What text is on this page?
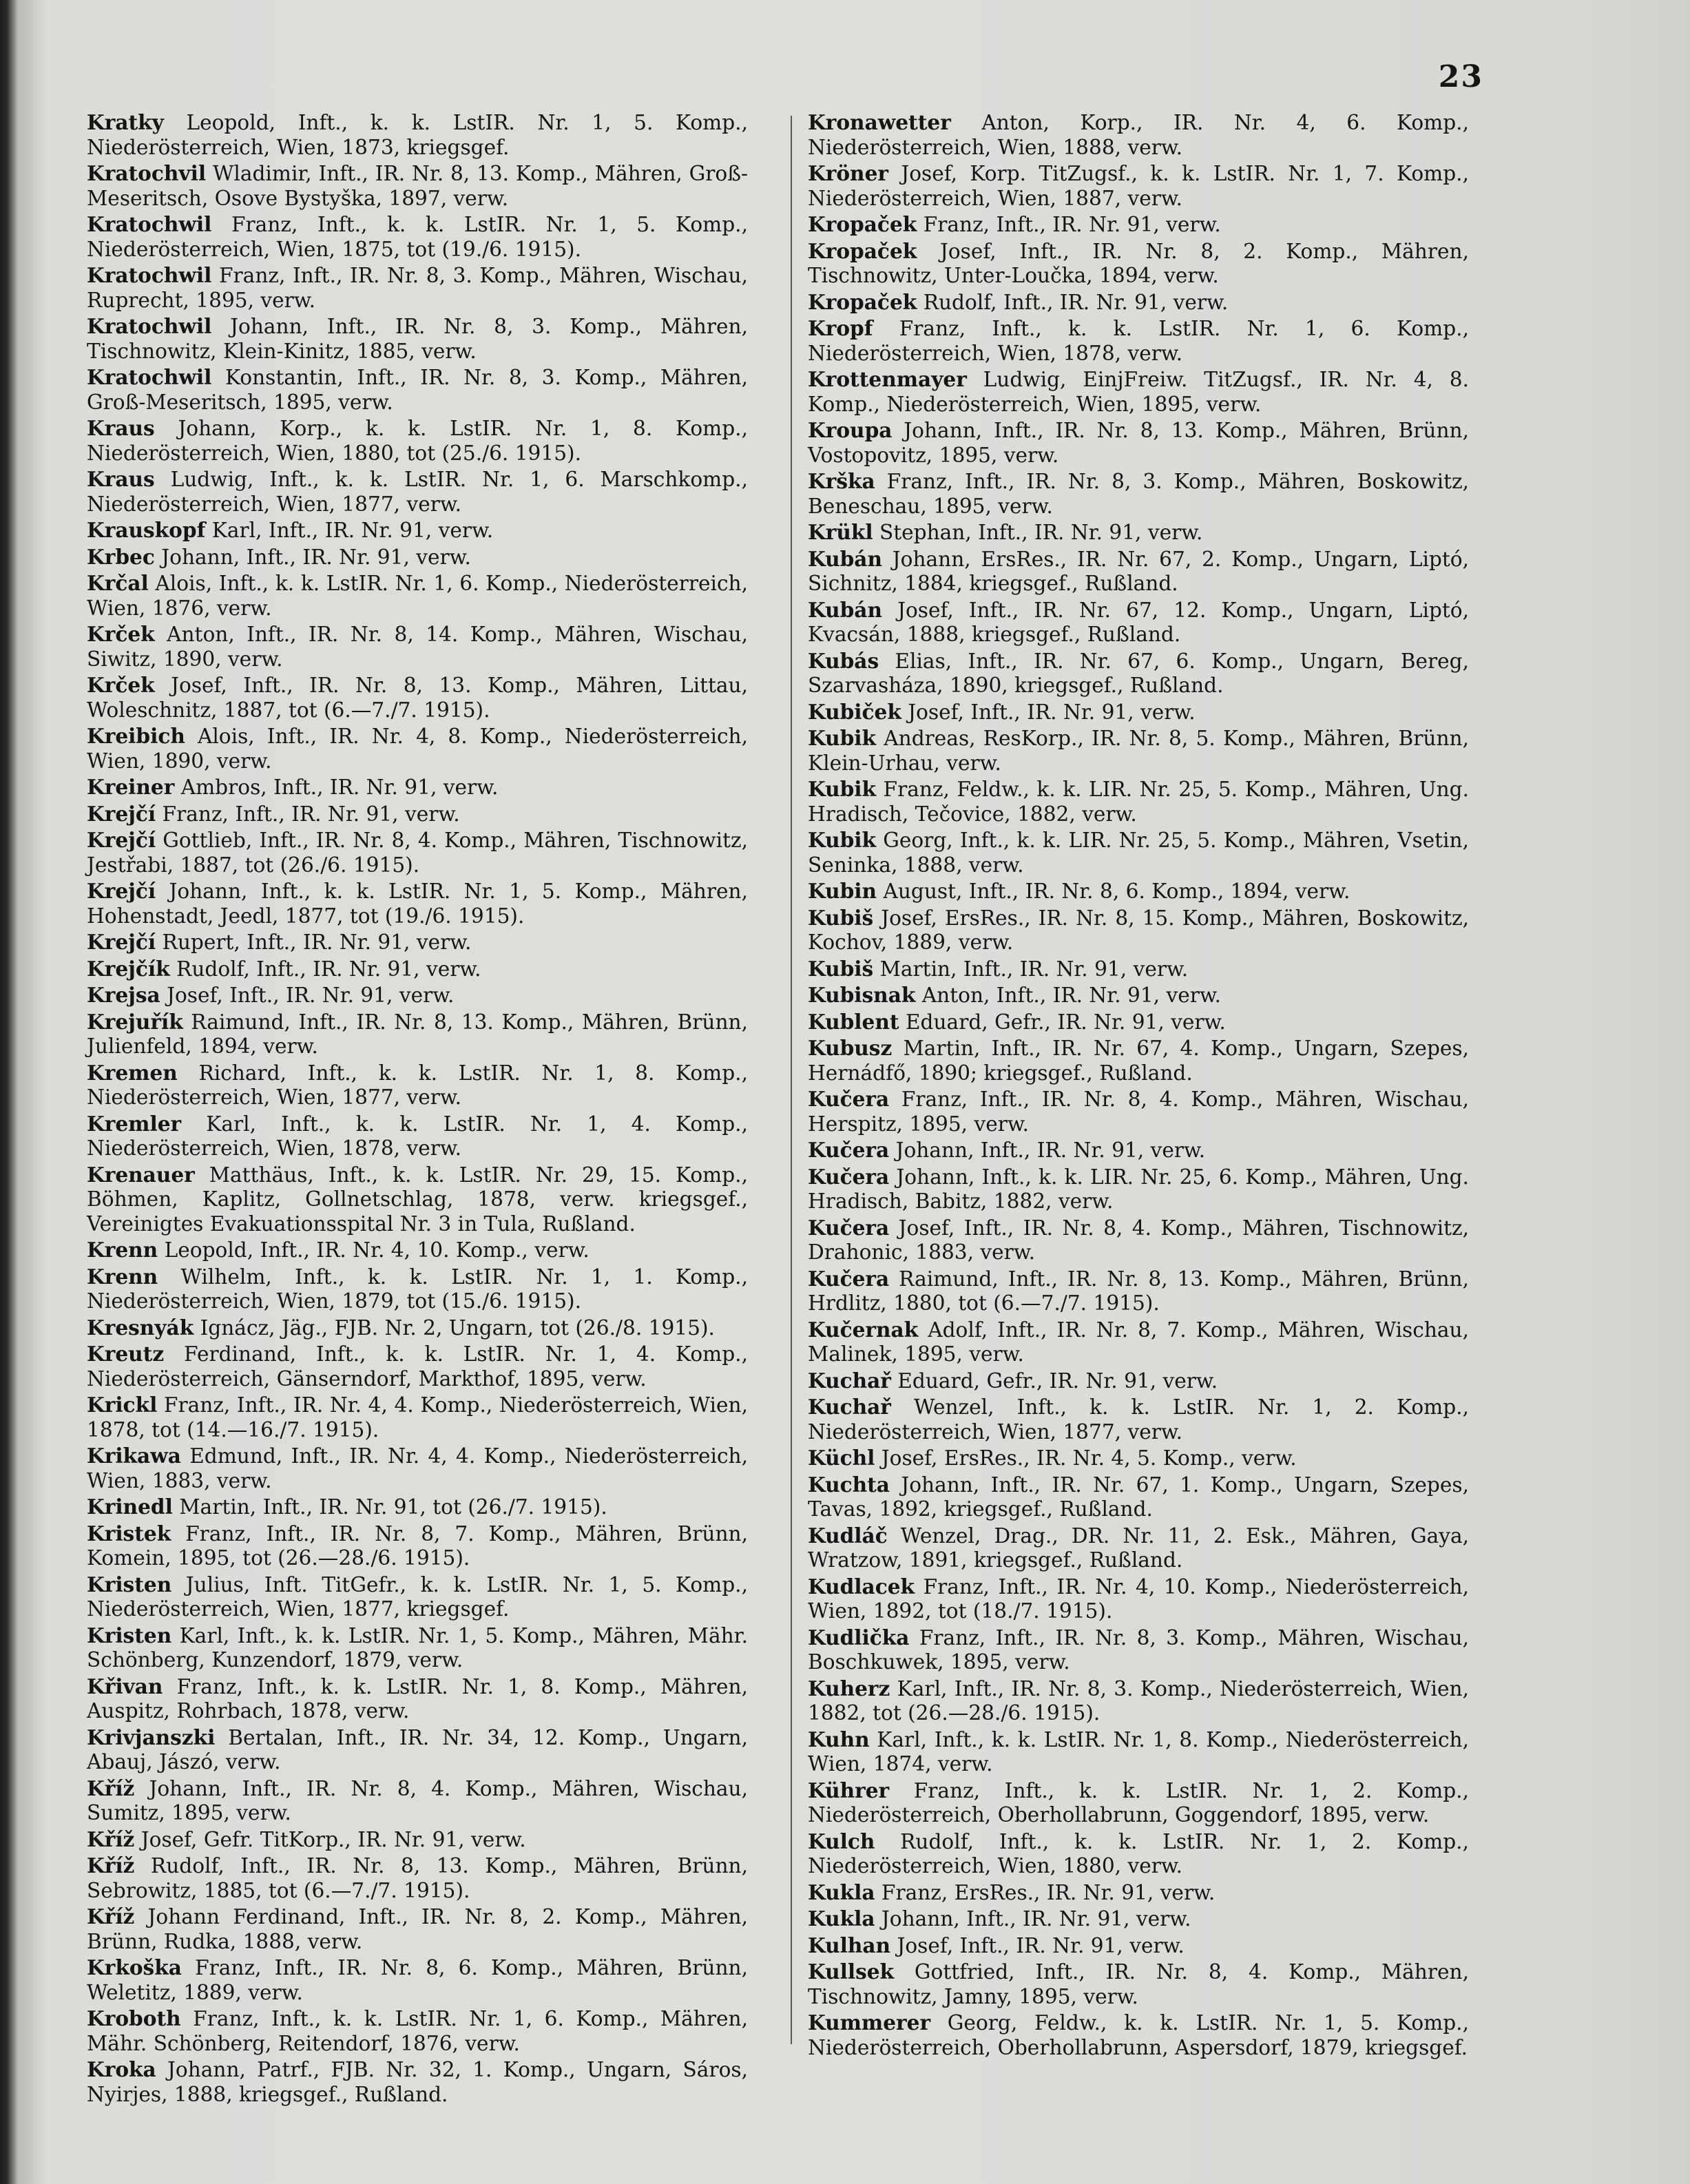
23
Kratky Leopold, Inft., k. k. LstIR. Nr. 1, 5. Komp., Niederösterreich, Wien, 1873, kriegsgef.
Kratochvil Wladimir, Inft., IR. Nr. 8, 13. Komp., Mähren, Groß-Meseritsch, Osove Bystyška, 1897, verw.
Kratochwil Franz, Inft., k. k. LstIR. Nr. 1, 5. Komp., Niederösterreich, Wien, 1875, tot (19./6. 1915).
Kratochwil Franz, Inft., IR. Nr. 8, 3. Komp., Mähren, Wischau, Ruprecht, 1895, verw.
Kratochwil Johann, Inft., IR. Nr. 8, 3. Komp., Mähren, Tischnowitz, Klein-Kinitz, 1885, verw.
Kratochwil Konstantin, Inft., IR. Nr. 8, 3. Komp., Mähren, Groß-Meseritsch, 1895, verw.
Kraus Johann, Korp., k. k. LstIR. Nr. 1, 8. Komp., Niederösterreich, Wien, 1880, tot (25./6. 1915).
Kraus Ludwig, Inft., k. k. LstIR. Nr. 1, 6. Marschkomp., Niederösterreich, Wien, 1877, verw.
Krauskopf Karl, Inft., IR. Nr. 91, verw.
Krbec Johann, Inft., IR. Nr. 91, verw.
Krčal Alois, Inft., k. k. LstIR. Nr. 1, 6. Komp., Niederösterreich, Wien, 1876, verw.
Krček Anton, Inft., IR. Nr. 8, 14. Komp., Mähren, Wischau, Siwitz, 1890, verw.
Krček Josef, Inft., IR. Nr. 8, 13. Komp., Mähren, Littau, Woleschnitz, 1887, tot (6.—7./7. 1915).
Kreibich Alois, Inft., IR. Nr. 4, 8. Komp., Niederösterreich, Wien, 1890, verw.
Kreiner Ambros, Inft., IR. Nr. 91, verw.
Krejčí Franz, Inft., IR. Nr. 91, verw.
Krejčí Gottlieb, Inft., IR. Nr. 8, 4. Komp., Mähren, Tischnowitz, Jestřabi, 1887, tot (26./6. 1915).
Krejčí Johann, Inft., k. k. LstIR. Nr. 1, 5. Komp., Mähren, Hohenstadt, Jeedl, 1877, tot (19./6. 1915).
Krejčí Rupert, Inft., IR. Nr. 91, verw.
Krejčík Rudolf, Inft., IR. Nr. 91, verw.
Krejsa Josef, Inft., IR. Nr. 91, verw.
Krejuřík Raimund, Inft., IR. Nr. 8, 13. Komp., Mähren, Brünn, Julienfeld, 1894, verw.
Kremen Richard, Inft., k. k. LstIR. Nr. 1, 8. Komp., Niederösterreich, Wien, 1877, verw.
Kremler Karl, Inft., k. k. LstIR. Nr. 1, 4. Komp., Niederösterreich, Wien, 1878, verw.
Krenauer Matthäus, Inft., k. k. LstIR. Nr. 29, 15. Komp., Böhmen, Kaplitz, Gollnetschlag, 1878, verw. kriegsgef., Vereinigtes Evakuationsspital Nr. 3 in Tula, Rußland.
Krenn Leopold, Inft., IR. Nr. 4, 10. Komp., verw.
Krenn Wilhelm, Inft., k. k. LstIR. Nr. 1, 1. Komp., Niederösterreich, Wien, 1879, tot (15./6. 1915).
Kresnyák Ignácz, Jäg., FJB. Nr. 2, Ungarn, tot (26./8. 1915).
Kreutz Ferdinand, Inft., k. k. LstIR. Nr. 1, 4. Komp., Niederösterreich, Gänserndorf, Markthof, 1895, verw.
Krickl Franz, Inft., IR. Nr. 4, 4. Komp., Niederösterreich, Wien, 1878, tot (14.—16./7. 1915).
Krikawa Edmund, Inft., IR. Nr. 4, 4. Komp., Niederösterreich, Wien, 1883, verw.
Krinedl Martin, Inft., IR. Nr. 91, tot (26./7. 1915).
Kristek Franz, Inft., IR. Nr. 8, 7. Komp., Mähren, Brünn, Komein, 1895, tot (26.—28./6. 1915).
Kristen Julius, Inft. TitGefr., k. k. LstIR. Nr. 1, 5. Komp., Niederösterreich, Wien, 1877, kriegsgef.
Kristen Karl, Inft., k. k. LstIR. Nr. 1, 5. Komp., Mähren, Mähr. Schönberg, Kunzendorf, 1879, verw.
Křivan Franz, Inft., k. k. LstIR. Nr. 1, 8. Komp., Mähren, Auspitz, Rohrbach, 1878, verw.
Krivjanszki Bertalan, Inft., IR. Nr. 34, 12. Komp., Ungarn, Abauj, Jászó, verw.
Kříž Johann, Inft., IR. Nr. 8, 4. Komp., Mähren, Wischau, Sumitz, 1895, verw.
Kříž Josef, Gefr. TitKorp., IR. Nr. 91, verw.
Kříž Rudolf, Inft., IR. Nr. 8, 13. Komp., Mähren, Brünn, Sebrowitz, 1885, tot (6.—7./7. 1915).
Kříž Johann Ferdinand, Inft., IR. Nr. 8, 2. Komp., Mähren, Brünn, Rudka, 1888, verw.
Krkoška Franz, Inft., IR. Nr. 8, 6. Komp., Mähren, Brünn, Weletitz, 1889, verw.
Kroboth Franz, Inft., k. k. LstIR. Nr. 1, 6. Komp., Mähren, Mähr. Schönberg, Reitendorf, 1876, verw.
Kroka Johann, Patrf., FJB. Nr. 32, 1. Komp., Ungarn, Sáros, Nyirjes, 1888, kriegsgef., Rußland.
Kronawetter Anton, Korp., IR. Nr. 4, 6. Komp., Niederösterreich, Wien, 1888, verw.
Kröner Josef, Korp. TitZugsf., k. k. LstIR. Nr. 1, 7. Komp., Niederösterreich, Wien, 1887, verw.
Kropaček Franz, Inft., IR. Nr. 91, verw.
Kropaček Josef, Inft., IR. Nr. 8, 2. Komp., Mähren, Tischnowitz, Unter-Loučka, 1894, verw.
Kropaček Rudolf, Inft., IR. Nr. 91, verw.
Kropf Franz, Inft., k. k. LstIR. Nr. 1, 6. Komp., Niederösterreich, Wien, 1878, verw.
Krottenmayer Ludwig, EinjFreiw. TitZugsf., IR. Nr. 4, 8. Komp., Niederösterreich, Wien, 1895, verw.
Kroupa Johann, Inft., IR. Nr. 8, 13. Komp., Mähren, Brünn, Vostopovitz, 1895, verw.
Krška Franz, Inft., IR. Nr. 8, 3. Komp., Mähren, Boskowitz, Beneschau, 1895, verw.
Krükl Stephan, Inft., IR. Nr. 91, verw.
Kubán Johann, ErsRes., IR. Nr. 67, 2. Komp., Ungarn, Liptó, Sichnitz, 1884, kriegsgef., Rußland.
Kubán Josef, Inft., IR. Nr. 67, 12. Komp., Ungarn, Liptó, Kvacsán, 1888, kriegsgef., Rußland.
Kubás Elias, Inft., IR. Nr. 67, 6. Komp., Ungarn, Bereg, Szarvasháza, 1890, kriegsgef., Rußland.
Kubiček Josef, Inft., IR. Nr. 91, verw.
Kubik Andreas, ResKorp., IR. Nr. 8, 5. Komp., Mähren, Brünn, Klein-Urhau, verw.
Kubik Franz, Feldw., k. k. LIR. Nr. 25, 5. Komp., Mähren, Ung. Hradisch, Tečovice, 1882, verw.
Kubik Georg, Inft., k. k. LIR. Nr. 25, 5. Komp., Mähren, Vsetin, Seninka, 1888, verw.
Kubin August, Inft., IR. Nr. 8, 6. Komp., 1894, verw.
Kubiš Josef, ErsRes., IR. Nr. 8, 15. Komp., Mähren, Boskowitz, Kochov, 1889, verw.
Kubiš Martin, Inft., IR. Nr. 91, verw.
Kubisnak Anton, Inft., IR. Nr. 91, verw.
Kublent Eduard, Gefr., IR. Nr. 91, verw.
Kubusz Martin, Inft., IR. Nr. 67, 4. Komp., Ungarn, Szepes, Hernádfő, 1890; kriegsgef., Rußland.
Kučera Franz, Inft., IR. Nr. 8, 4. Komp., Mähren, Wischau, Herspitz, 1895, verw.
Kučera Johann, Inft., IR. Nr. 91, verw.
Kučera Johann, Inft., k. k. LIR. Nr. 25, 6. Komp., Mähren, Ung. Hradisch, Babitz, 1882, verw.
Kučera Josef, Inft., IR. Nr. 8, 4. Komp., Mähren, Tischnowitz, Drahonic, 1883, verw.
Kučera Raimund, Inft., IR. Nr. 8, 13. Komp., Mähren, Brünn, Hrdlitz, 1880, tot (6.—7./7. 1915).
Kučernak Adolf, Inft., IR. Nr. 8, 7. Komp., Mähren, Wischau, Malinek, 1895, verw.
Kuchař Eduard, Gefr., IR. Nr. 91, verw.
Kuchař Wenzel, Inft., k. k. LstIR. Nr. 1, 2. Komp., Niederösterreich, Wien, 1877, verw.
Küchl Josef, ErsRes., IR. Nr. 4, 5. Komp., verw.
Kuchta Johann, Inft., IR. Nr. 67, 1. Komp., Ungarn, Szepes, Tavas, 1892, kriegsgef., Rußland.
Kudláč Wenzel, Drag., DR. Nr. 11, 2. Esk., Mähren, Gaya, Wratzow, 1891, kriegsgef., Rußland.
Kudlacek Franz, Inft., IR. Nr. 4, 10. Komp., Niederösterreich, Wien, 1892, tot (18./7. 1915).
Kudlička Franz, Inft., IR. Nr. 8, 3. Komp., Mähren, Wischau, Boschkuwek, 1895, verw.
Kuherz Karl, Inft., IR. Nr. 8, 3. Komp., Niederösterreich, Wien, 1882, tot (26.—28./6. 1915).
Kuhn Karl, Inft., k. k. LstIR. Nr. 1, 8. Komp., Niederösterreich, Wien, 1874, verw.
Kührer Franz, Inft., k. k. LstIR. Nr. 1, 2. Komp., Niederösterreich, Oberhollabrunn, Goggendorf, 1895, verw.
Kulch Rudolf, Inft., k. k. LstIR. Nr. 1, 2. Komp., Niederösterreich, Wien, 1880, verw.
Kukla Franz, ErsRes., IR. Nr. 91, verw.
Kukla Johann, Inft., IR. Nr. 91, verw.
Kulhan Josef, Inft., IR. Nr. 91, verw.
Kullsek Gottfried, Inft., IR. Nr. 8, 4. Komp., Mähren, Tischnowitz, Jamny, 1895, verw.
Kummerer Georg, Feldw., k. k. LstIR. Nr. 1, 5. Komp., Niederösterreich, Oberhollabrunn, Aspersdorf, 1879, kriegsgef.
